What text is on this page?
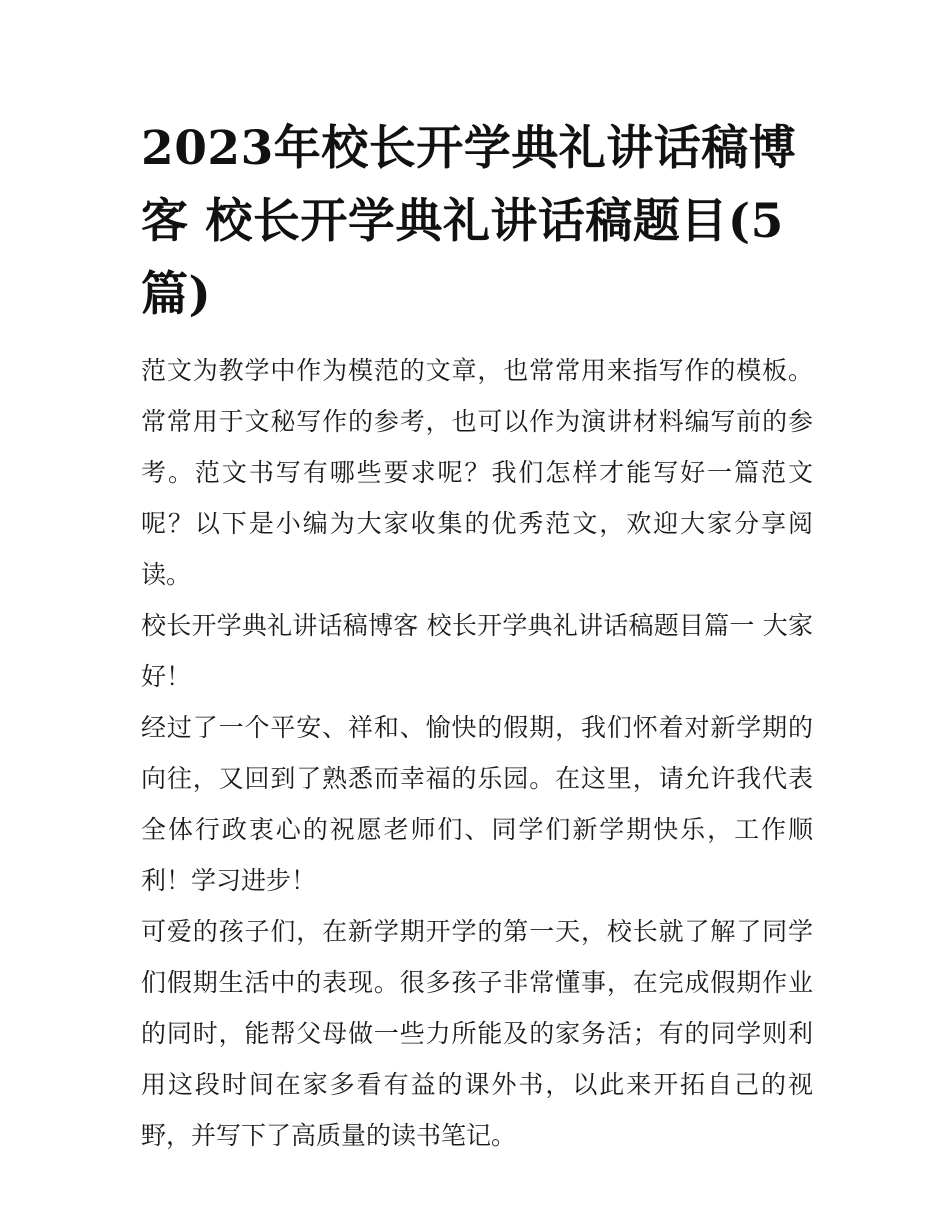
2023年校长开学典礼讲话稿博客 校长开学典礼讲话稿题目(5篇)

范文为教学中作为模范的文章，也常常用来指写作的模板。常常用于文秘写作的参考，也可以作为演讲材料编写前的参考。范文书写有哪些要求呢？我们怎样才能写好一篇范文呢？以下是小编为大家收集的优秀范文，欢迎大家分享阅读。

校长开学典礼讲话稿博客 校长开学典礼讲话稿题目篇一 大家好！

经过了一个平安、祥和、愉快的假期，我们怀着对新学期的向往，又回到了熟悉而幸福的乐园。在这里，请允许我代表全体行政衷心的祝愿老师们、同学们新学期快乐，工作顺利！学习进步！

可爱的孩子们，在新学期开学的第一天，校长就了解了同学们假期生活中的表现。很多孩子非常懂事，在完成假期作业的同时，能帮父母做一些力所能及的家务活；有的同学则利用这段时间在家多看有益的课外书，以此来开拓自己的视野，并写下了高质量的读书笔记。
